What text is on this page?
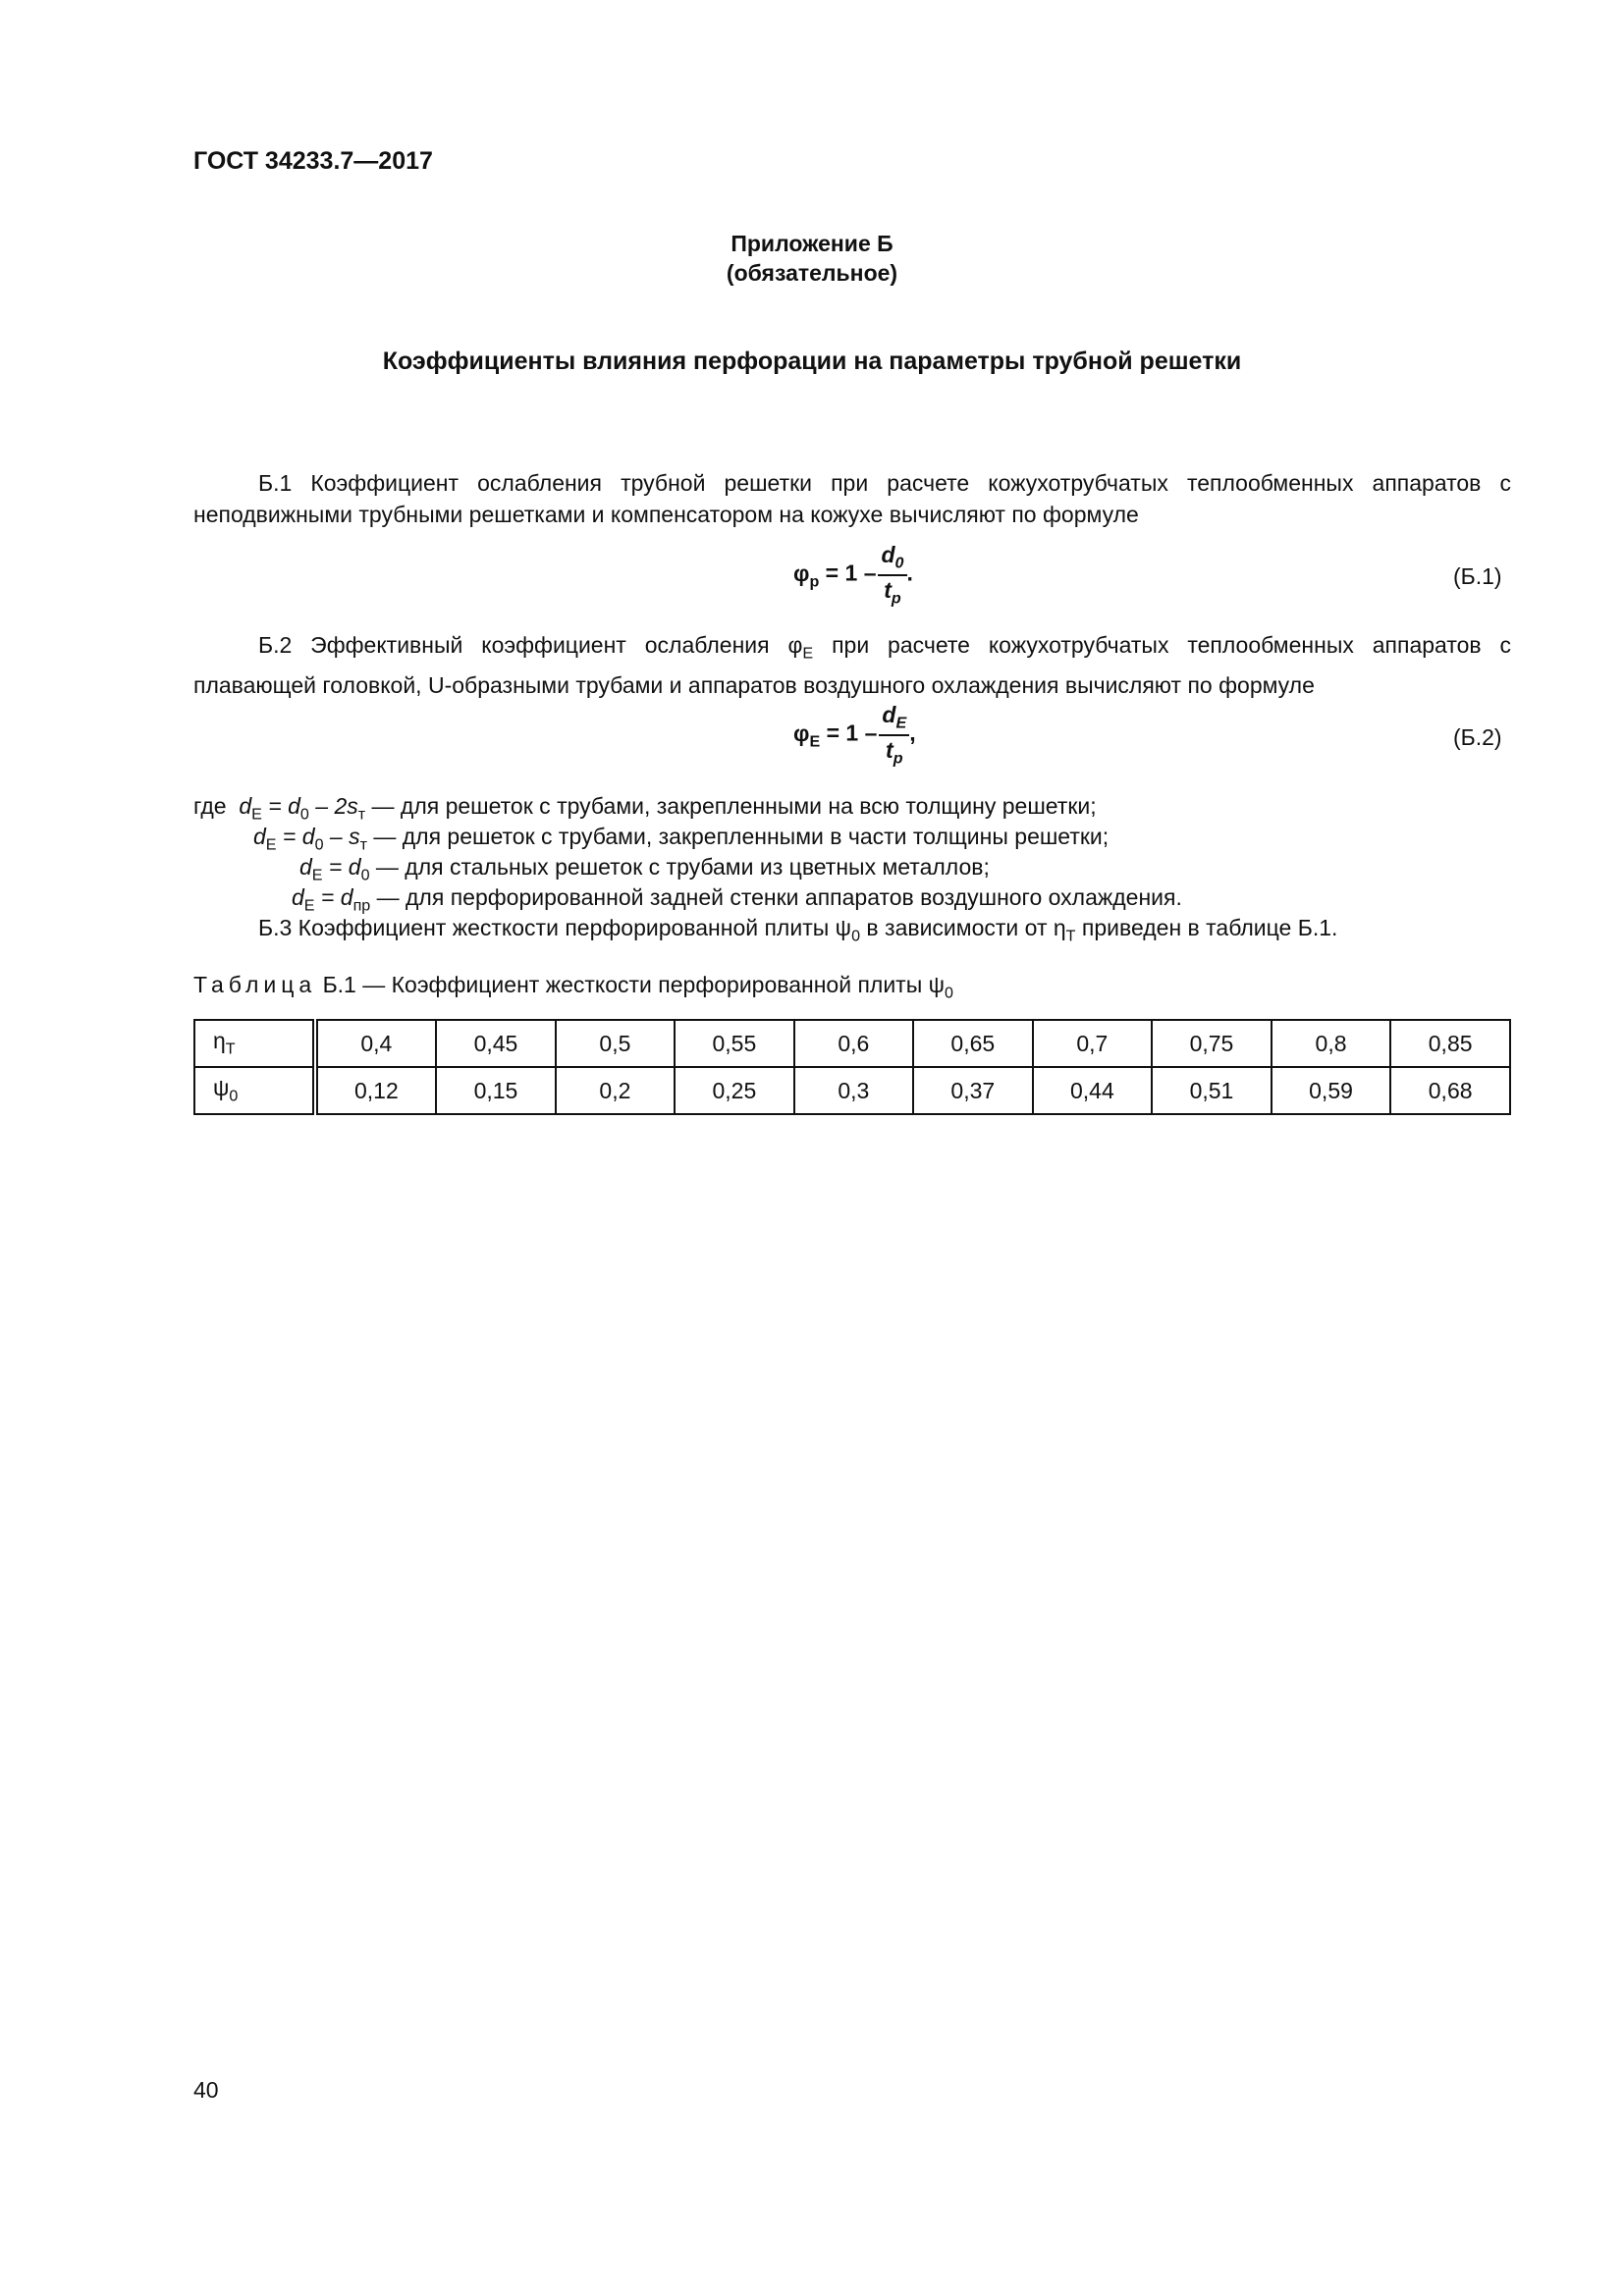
ГОСТ 34233.7—2017
Приложение Б
(обязательное)
Коэффициенты влияния перфорации на параметры трубной решетки
Б.1 Коэффициент ослабления трубной решетки при расчете кожухотрубчатых теплообменных аппаратов с неподвижными трубными решетками и компенсатором на кожухе вычисляют по формуле
$\varphi_p = 1 - \frac{d_0}{t_p}$ .	(Б.1)
Б.2 Эффективный коэффициент ослабления $\varphi_E$ при расчете кожухотрубчатых теплообменных аппаратов с плавающей головкой, U-образными трубами и аппаратов воздушного охлаждения вычисляют по формуле
$\varphi_E = 1 - \frac{d_E}{t_p}$ ,	(Б.2)
где $d_E = d_0 - 2s_т$ — для решеток с трубами, закрепленными на всю толщину решетки;
$d_E = d_0 - s_т$ — для решеток с трубами, закрепленными в части толщины решетки;
$d_E = d_0$ — для стальных решеток с трубами из цветных металлов;
$d_E = d_{пр}$ — для перфорированной задней стенки аппаратов воздушного охлаждения.
Б.3 Коэффициент жесткости перфорированной плиты $\psi_0$ в зависимости от $\eta_T$ приведен в таблице Б.1.
Таблица Б.1 — Коэффициент жесткости перфорированной плиты $\psi_0$
$\eta_T$	0,4	0,45	0,5	0,55	0,6	0,65	0,7	0,75	0,8	0,85
$\psi_0$	0,12	0,15	0,2	0,25	0,3	0,37	0,44	0,51	0,59	0,68
40
